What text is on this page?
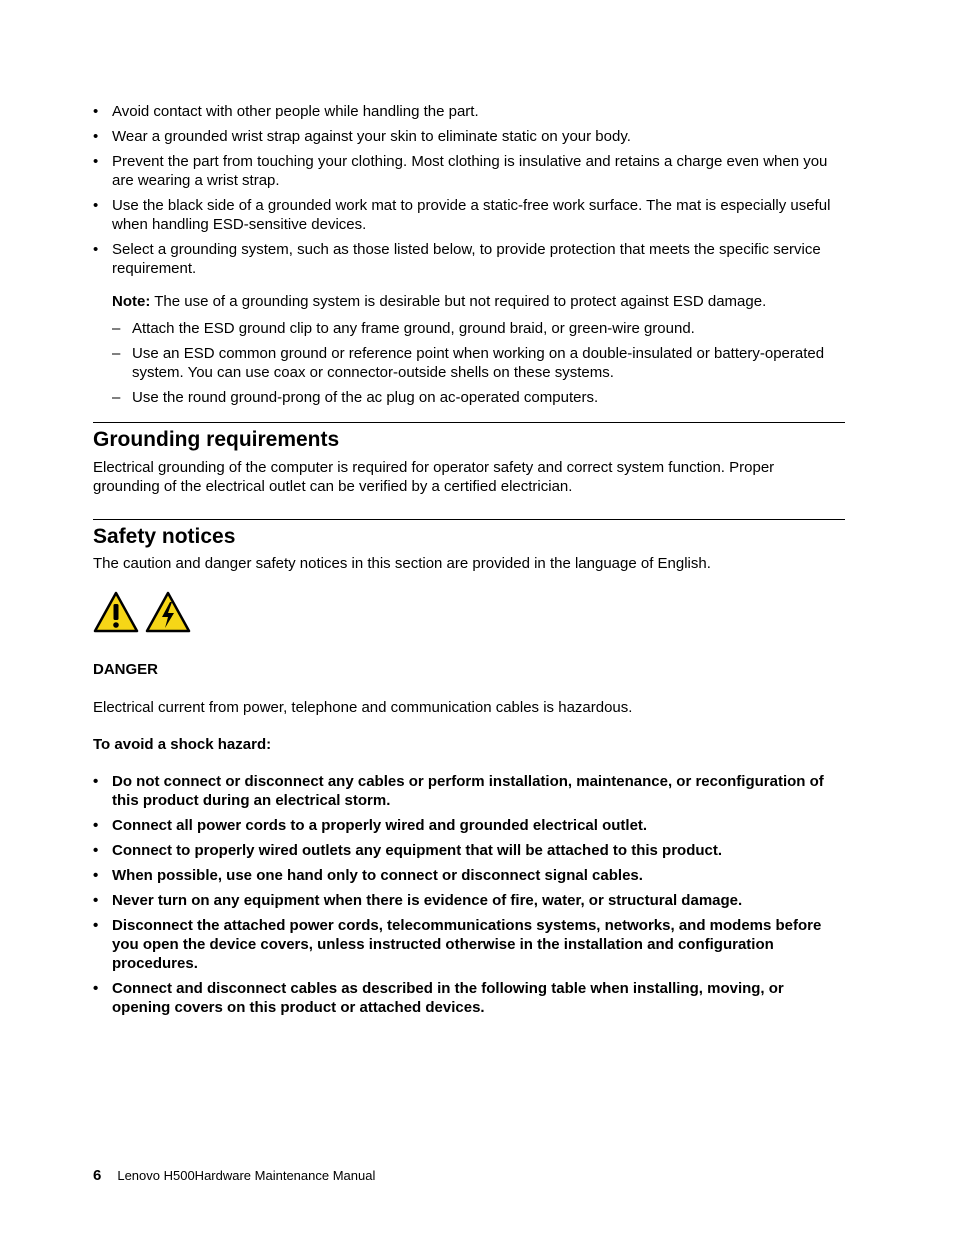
• Avoid contact with other people while handling the part.
• Wear a grounded wrist strap against your skin to eliminate static on your body.
• Prevent the part from touching your clothing. Most clothing is insulative and retains a charge even when you are wearing a wrist strap.
• Use the black side of a grounded work mat to provide a static-free work surface. The mat is especially useful when handling ESD-sensitive devices.
• Select a grounding system, such as those listed below, to provide protection that meets the specific service requirement.

Note: The use of a grounding system is desirable but not required to protect against ESD damage.

– Attach the ESD ground clip to any frame ground, ground braid, or green-wire ground.
– Use an ESD common ground or reference point when working on a double-insulated or battery-operated system. You can use coax or connector-outside shells on these systems.
– Use the round ground-prong of the ac plug on ac-operated computers.
Grounding requirements

Electrical grounding of the computer is required for operator safety and correct system function. Proper grounding of the electrical outlet can be verified by a certified electrician.

Safety notices

The caution and danger safety notices in this section are provided in the language of English.

DANGER

Electrical current from power, telephone and communication cables is hazardous.

To avoid a shock hazard:

• Do not connect or disconnect any cables or perform installation, maintenance, or reconfiguration of this product during an electrical storm.
• Connect all power cords to a properly wired and grounded electrical outlet.
• Connect to properly wired outlets any equipment that will be attached to this product.
• When possible, use one hand only to connect or disconnect signal cables.
• Never turn on any equipment when there is evidence of fire, water, or structural damage.
• Disconnect the attached power cords, telecommunications systems, networks, and modems before you open the device covers, unless instructed otherwise in the installation and configuration procedures.
• Connect and disconnect cables as described in the following table when installing, moving, or opening covers on this product or attached devices.
6 Lenovo H500Hardware Maintenance Manual
